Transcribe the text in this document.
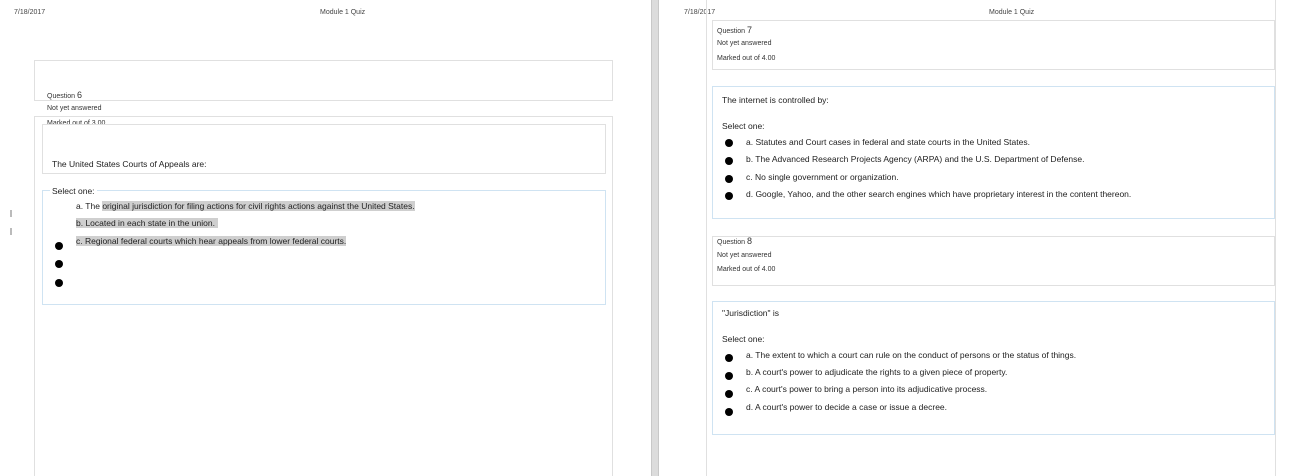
7/18/2017	Module 1 Quiz
Question 6
Not yet answered
Marked out of 3.00
The United States Courts of Appeals are:
Select one:
a. The original jurisdiction for filing actions for civil rights actions against the United States.
b. Located in each state in the union.
c. Regional federal courts which hear appeals from lower federal courts.
7/18/2017	Module 1 Quiz
Question 7
Not yet answered
Marked out of 4.00
The internet is controlled by:
Select one:
a. Statutes and Court cases in federal and state courts in the United States.
b. The Advanced Research Projects Agency (ARPA) and the U.S. Department of Defense.
c. No single government or organization.
d. Google, Yahoo, and the other search engines which have proprietary interest in the content thereon.
Question 8
Not yet answered
Marked out of 4.00
"Jurisdiction" is
Select one:
a. The extent to which a court can rule on the conduct of persons or the status of things.
b. A court's power to adjudicate the rights to a given piece of property.
c. A court's power to bring a person into its adjudicative process.
d. A court's power to decide a case or issue a decree.
